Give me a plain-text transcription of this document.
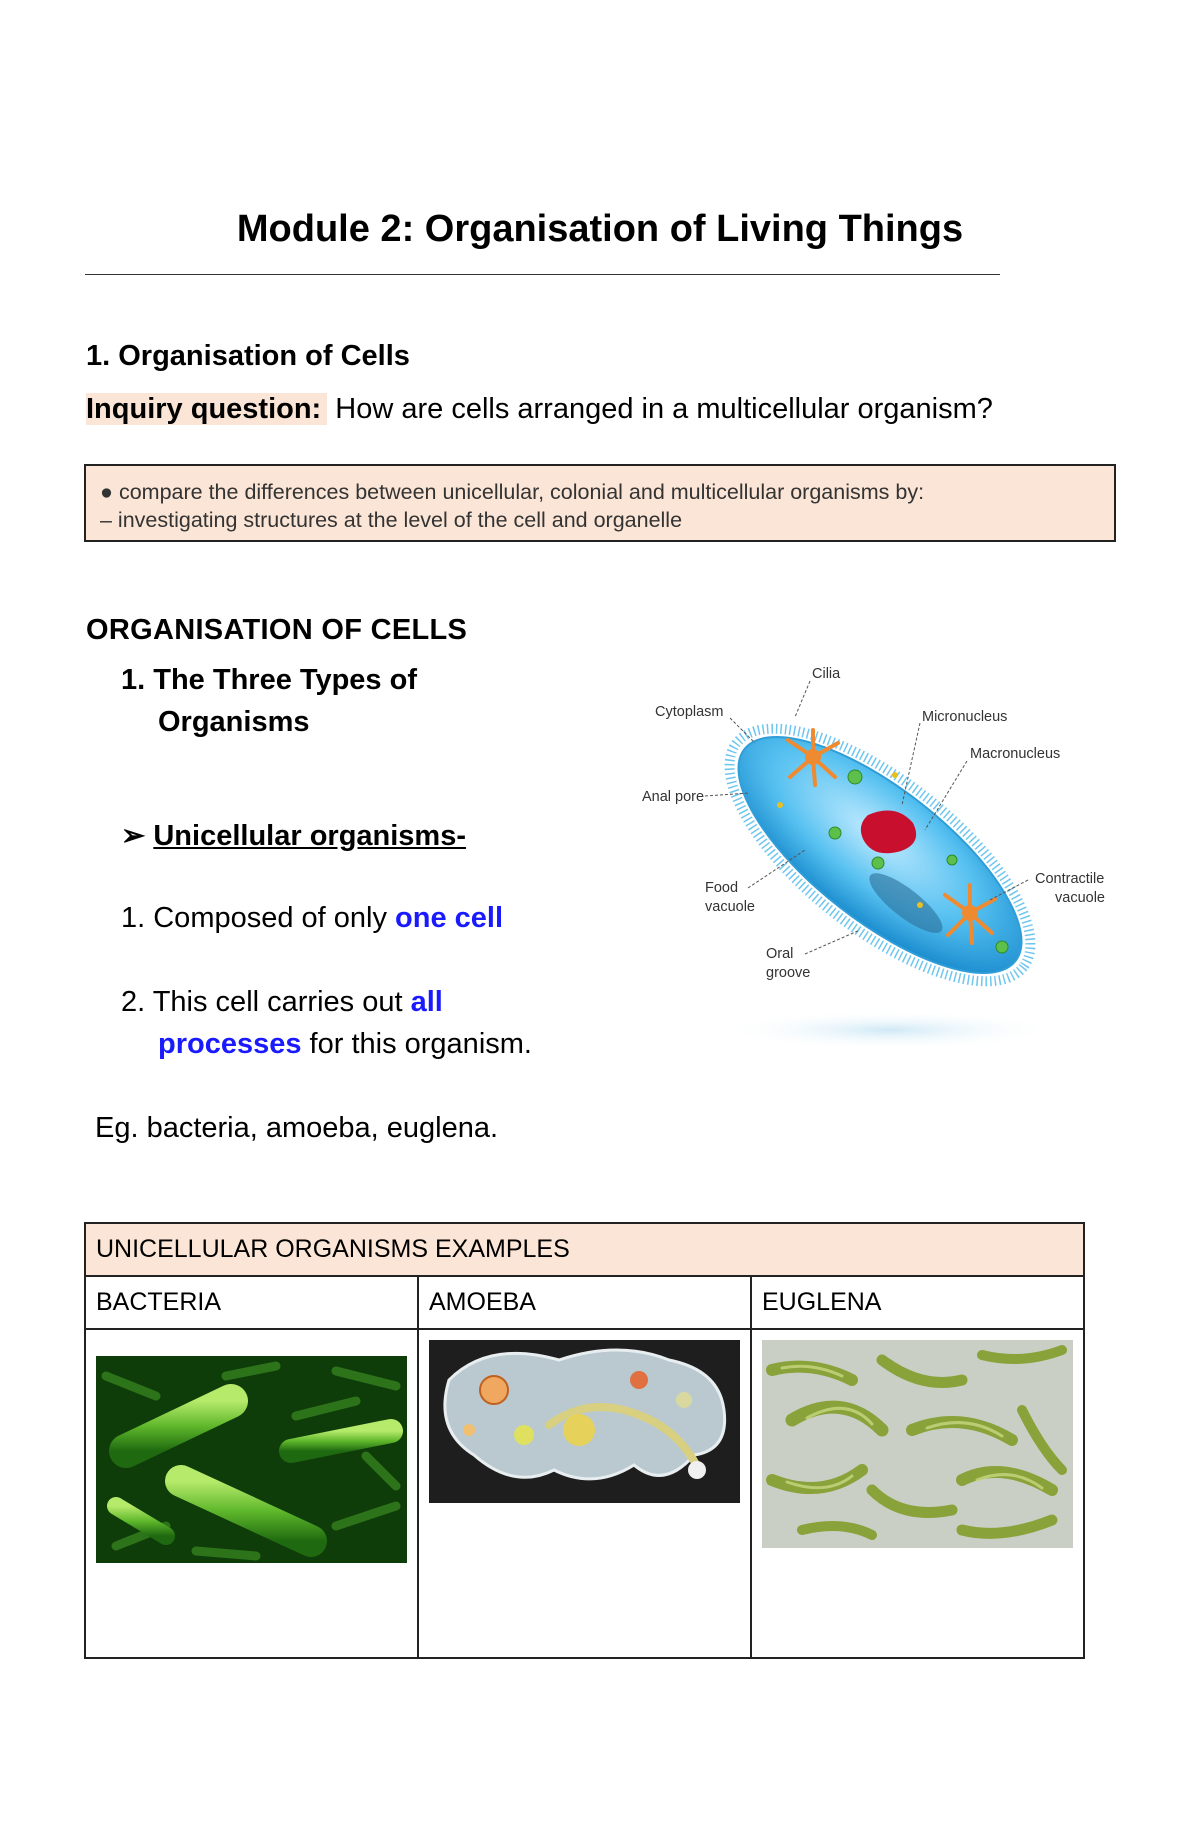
Module 2: Organisation of Living Things
1. Organisation of Cells
Inquiry question: How are cells arranged in a multicellular organism?
● compare the differences between unicellular, colonial and multicellular organisms by:
– investigating structures at the level of the cell and organelle
ORGANISATION OF CELLS
1. The Three Types of
Organisms
➢ Unicellular organisms-
1. Composed of only one cell
2. This cell carries out all
processes for this organism.
Eg. bacteria, amoeba, euglena.
Cilia
Cytoplasm	Micronucleus
Macronucleus
Anal pore
Food
vacuole
Contractile
vacuole
Oral
groove
UNICELLULAR ORGANISMS EXAMPLES		
BACTERIA	AMOEBA	EUGLENA
